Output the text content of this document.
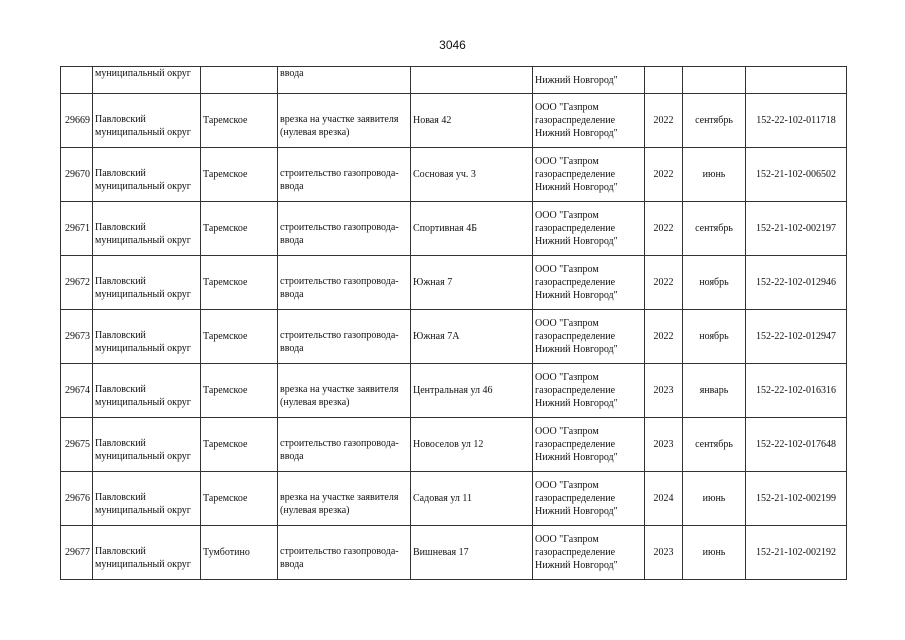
3046
	муниципальный округ		ввода		Нижний Новгород"			

29669	Павловский
муниципальный округ	Таремское	врезка на участке заявителя
(нулевая врезка)	Новая 42	ООО "Газпром
газораспределение
Нижний Новгород"	2022	сентябрь	152-22-102-011718

29670	Павловский
муниципальный округ	Таремское	строительство газопровода-
ввода	Сосновая уч. 3	ООО "Газпром
газораспределение
Нижний Новгород"	2022	июнь	152-21-102-006502

29671	Павловский
муниципальный округ	Таремское	строительство газопровода-
ввода	Спортивная 4Б	ООО "Газпром
газораспределение
Нижний Новгород"	2022	сентябрь	152-21-102-002197

29672	Павловский
муниципальный округ	Таремское	строительство газопровода-
ввода	Южная 7	ООО "Газпром
газораспределение
Нижний Новгород"	2022	ноябрь	152-22-102-012946

29673	Павловский
муниципальный округ	Таремское	строительство газопровода-
ввода	Южная 7А	ООО "Газпром
газораспределение
Нижний Новгород"	2022	ноябрь	152-22-102-012947

29674	Павловский
муниципальный округ	Таремское	врезка на участке заявителя
(нулевая врезка)	Центральная ул 46	ООО "Газпром
газораспределение
Нижний Новгород"	2023	январь	152-22-102-016316

29675	Павловский
муниципальный округ	Таремское	строительство газопровода-
ввода	Новоселов ул 12	ООО "Газпром
газораспределение
Нижний Новгород"	2023	сентябрь	152-22-102-017648

29676	Павловский
муниципальный округ	Таремское	врезка на участке заявителя
(нулевая врезка)	Садовая ул 11	ООО "Газпром
газораспределение
Нижний Новгород"	2024	июнь	152-21-102-002199

29677	Павловский
муниципальный округ	Тумботино	строительство газопровода-
ввода	Вишневая 17	ООО "Газпром
газораспределение
Нижний Новгород"	2023	июнь	152-21-102-002192
